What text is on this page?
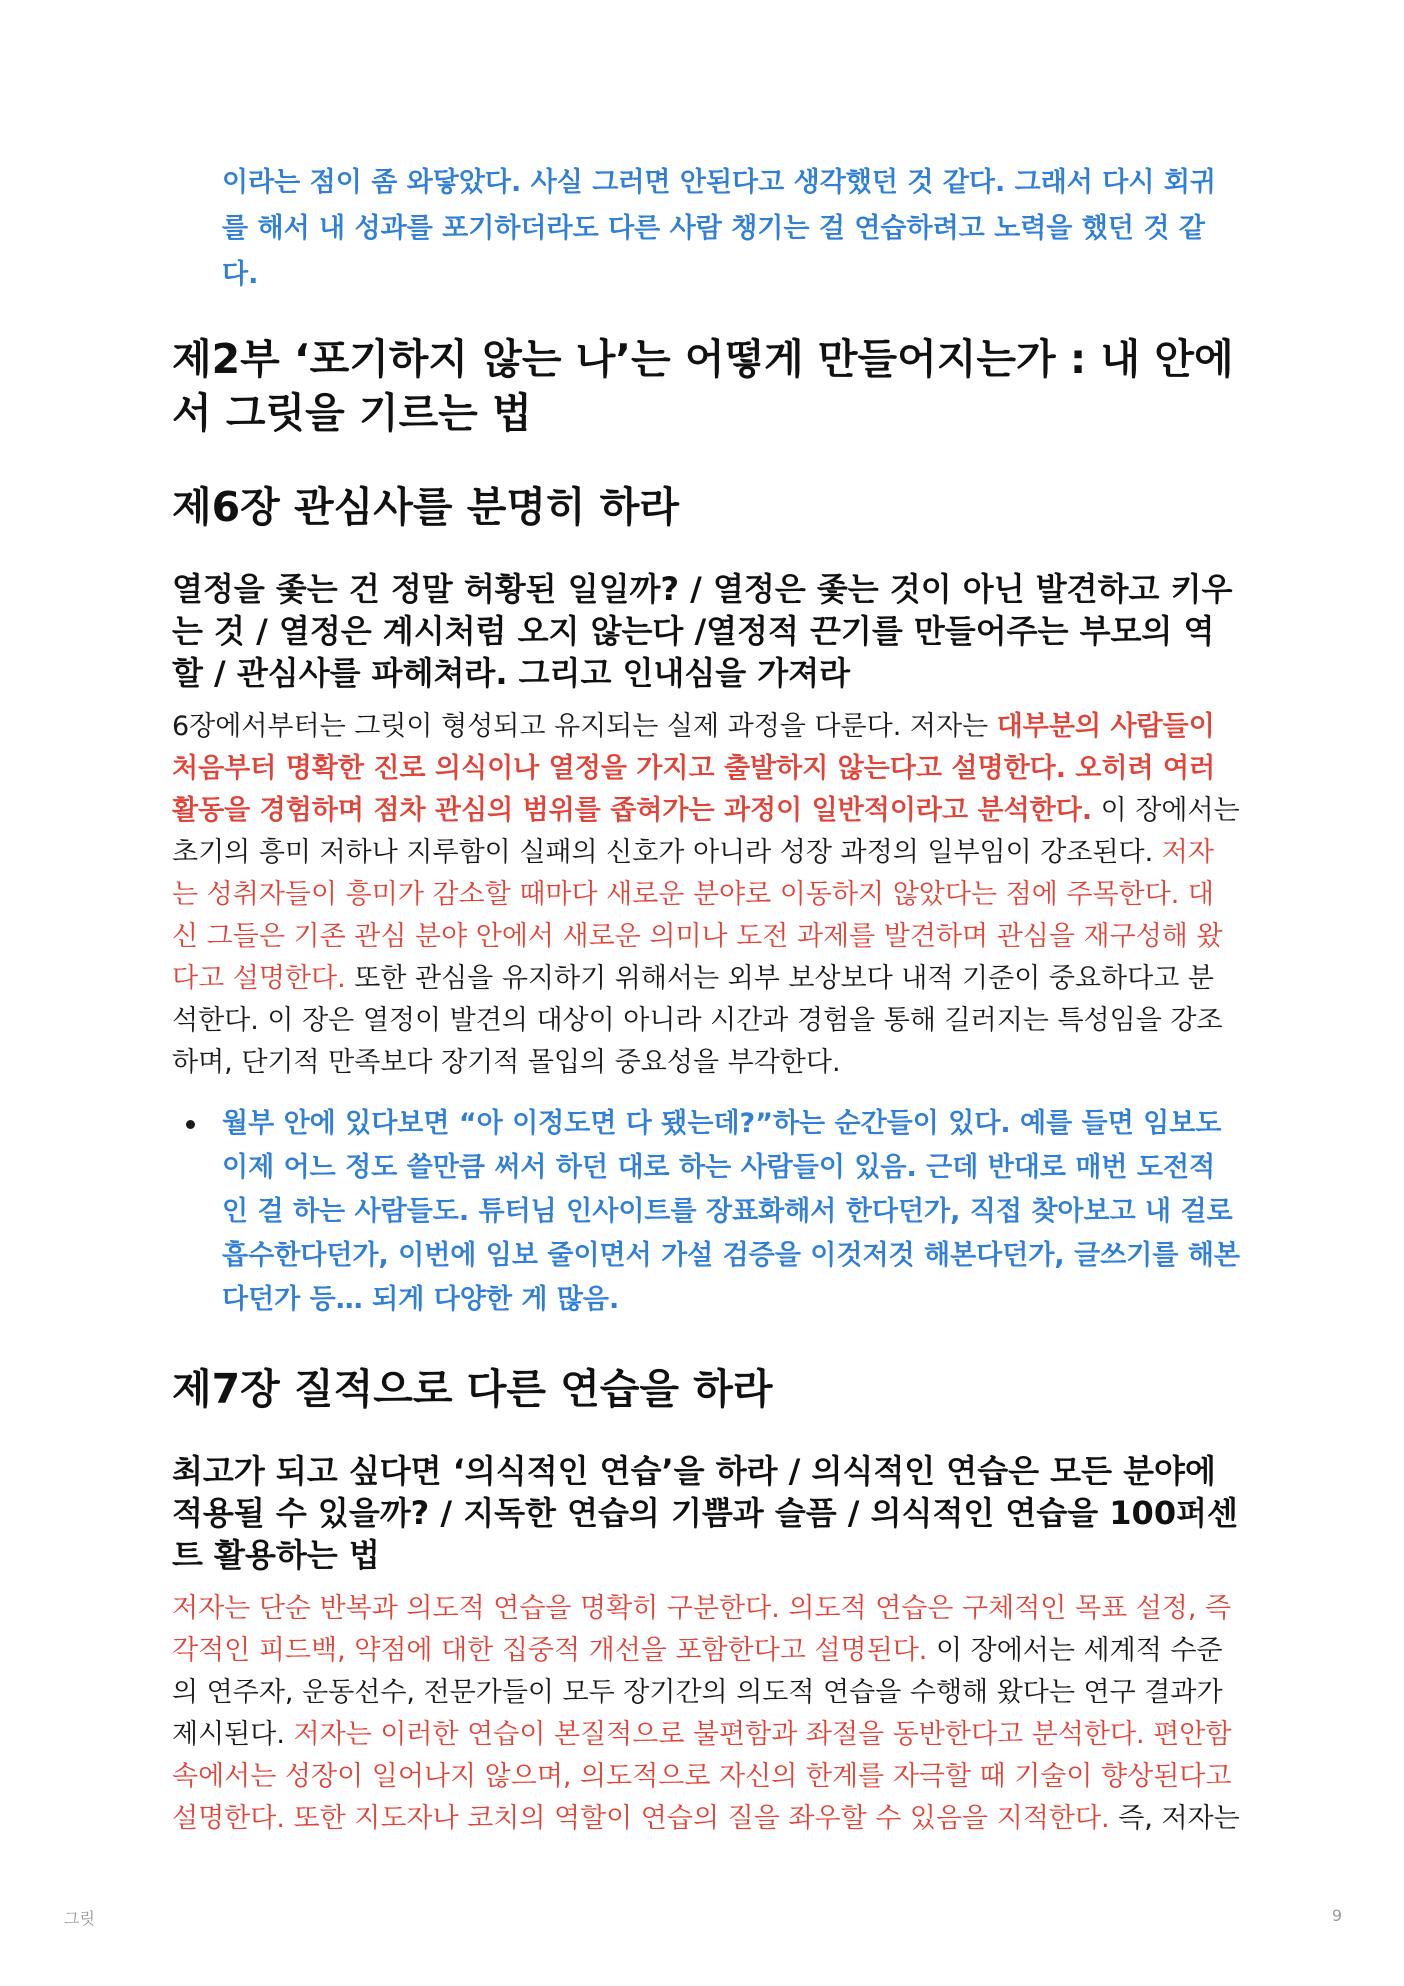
이라는 점이 좀 와닿았다. 사실 그러면 안된다고 생각했던 것 같다. 그래서 다시 회귀를 해서 내 성과를 포기하더라도 다른 사람 챙기는 걸 연습하려고 노력을 했던 것 같다.

제2부 ‘포기하지 않는 나’는 어떻게 만들어지는가 : 내 안에서 그릿을 기르는 법
제6장 관심사를 분명히 하라
열정을 좇는 건 정말 허황된 일일까? / 열정은 좇는 것이 아닌 발견하고 키우는 것 / 열정은 계시처럼 오지 않는다 /열정적 끈기를 만들어주는 부모의 역할 / 관심사를 파헤쳐라. 그리고 인내심을 가져라

6장에서부터는 그릿이 형성되고 유지되는 실제 과정을 다룬다. 저자는 대부분의 사람들이 처음부터 명확한 진로 의식이나 열정을 가지고 출발하지 않는다고 설명한다. 오히려 여러 활동을 경험하며 점차 관심의 범위를 좁혀가는 과정이 일반적이라고 분석한다. 이 장에서는 초기의 흥미 저하나 지루함이 실패의 신호가 아니라 성장 과정의 일부임이 강조된다. 저자는 성취자들이 흥미가 감소할 때마다 새로운 분야로 이동하지 않았다는 점에 주목한다. 대신 그들은 기존 관심 분야 안에서 새로운 의미나 도전 과제를 발견하며 관심을 재구성해 왔다고 설명한다. 또한 관심을 유지하기 위해서는 외부 보상보다 내적 기준이 중요하다고 분석한다. 이 장은 열정이 발견의 대상이 아니라 시간과 경험을 통해 길러지는 특성임을 강조하며, 단기적 만족보다 장기적 몰입의 중요성을 부각한다.

월부 안에 있다보면 “아 이정도면 다 됐는데?”하는 순간들이 있다. 예를 들면 임보도 이제 어느 정도 쓸만큼 써서 하던 대로 하는 사람들이 있음. 근데 반대로 매번 도전적인 걸 하는 사람들도. 튜터님 인사이트를 장표화해서 한다던가, 직접 찾아보고 내 걸로 흡수한다던가, 이번에 임보 줄이면서 가설 검증을 이것저것 해본다던가, 글쓰기를 해본다던가 등… 되게 다양한 게 많음.
제7장 질적으로 다른 연습을 하라
최고가 되고 싶다면 ‘의식적인 연습’을 하라 / 의식적인 연습은 모든 분야에 적용될 수 있을까? / 지독한 연습의 기쁨과 슬픔 / 의식적인 연습을 100퍼센트 활용하는 법

저자는 단순 반복과 의도적 연습을 명확히 구분한다. 의도적 연습은 구체적인 목표 설정, 즉각적인 피드백, 약점에 대한 집중적 개선을 포함한다고 설명된다. 이 장에서는 세계적 수준의 연주자, 운동선수, 전문가들이 모두 장기간의 의도적 연습을 수행해 왔다는 연구 결과가 제시된다. 저자는 이러한 연습이 본질적으로 불편함과 좌절을 동반한다고 분석한다. 편안함 속에서는 성장이 일어나지 않으며, 의도적으로 자신의 한계를 자극할 때 기술이 향상된다고 설명한다. 또한 지도자나 코치의 역할이 연습의 질을 좌우할 수 있음을 지적한다. 즉, 저자는

그릿	9
